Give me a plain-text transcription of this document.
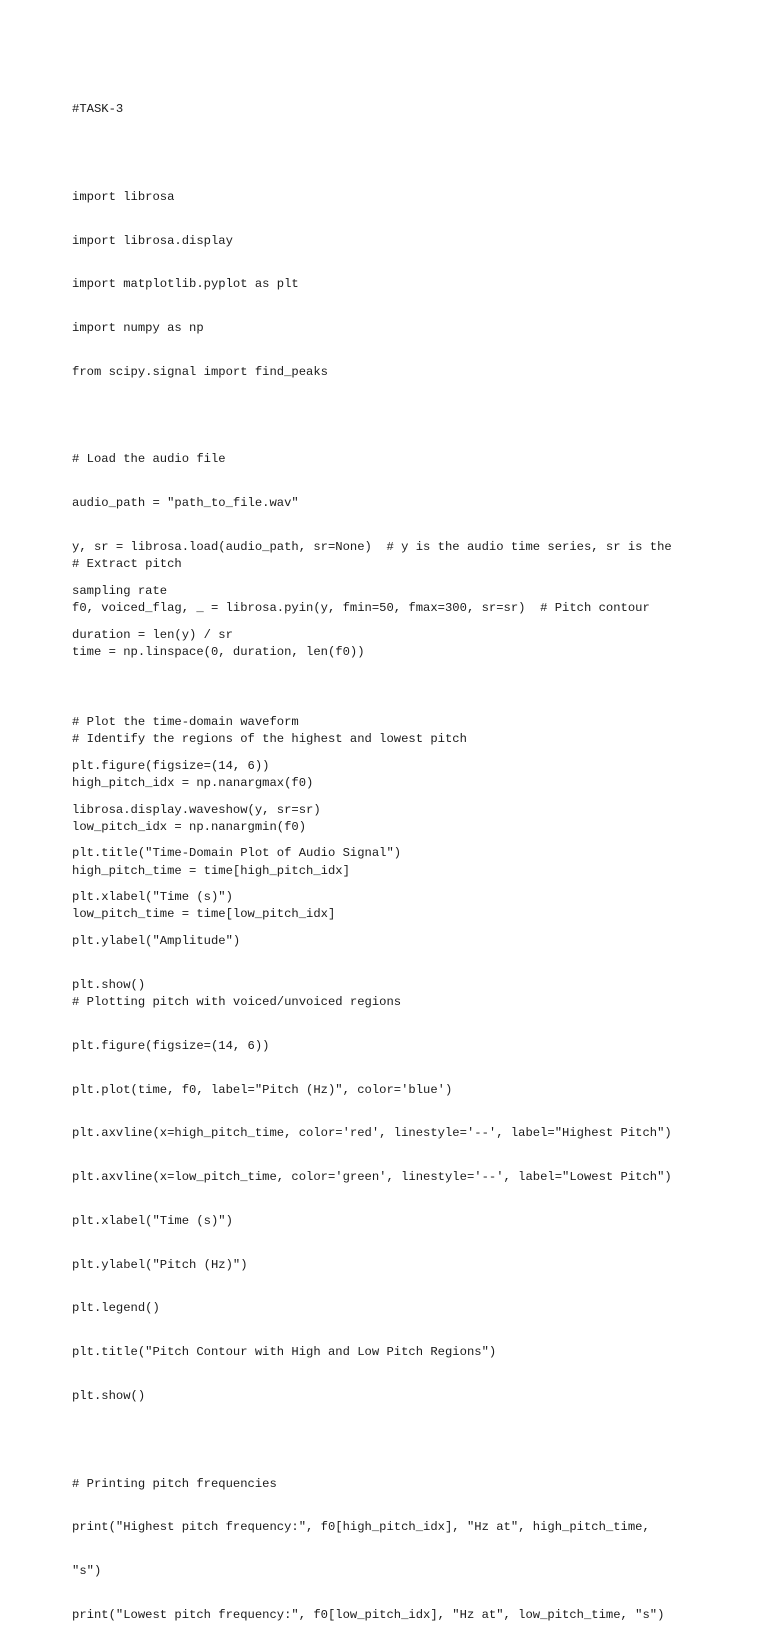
#TASK-3

import librosa

import librosa.display

import matplotlib.pyplot as plt

import numpy as np

from scipy.signal import find_peaks

# Load the audio file

audio_path = "path_to_file.wav"

y, sr = librosa.load(audio_path, sr=None)  # y is the audio time series, sr is the

sampling rate

duration = len(y) / sr

# Plot the time-domain waveform

plt.figure(figsize=(14, 6))

librosa.display.waveshow(y, sr=sr)

plt.title("Time-Domain Plot of Audio Signal")

plt.xlabel("Time (s)")

plt.ylabel("Amplitude")

plt.show()

# Extract pitch

f0, voiced_flag, _ = librosa.pyin(y, fmin=50, fmax=300, sr=sr)  # Pitch contour

time = np.linspace(0, duration, len(f0))

# Identify the regions of the highest and lowest pitch

high_pitch_idx = np.nanargmax(f0)

low_pitch_idx = np.nanargmin(f0)

high_pitch_time = time[high_pitch_idx]

low_pitch_time = time[low_pitch_idx]

# Plotting pitch with voiced/unvoiced regions

plt.figure(figsize=(14, 6))

plt.plot(time, f0, label="Pitch (Hz)", color='blue')

plt.axvline(x=high_pitch_time, color='red', linestyle='--', label="Highest Pitch")

plt.axvline(x=low_pitch_time, color='green', linestyle='--', label="Lowest Pitch")

plt.xlabel("Time (s)")

plt.ylabel("Pitch (Hz)")

plt.legend()

plt.title("Pitch Contour with High and Low Pitch Regions")

plt.show()

# Printing pitch frequencies

print("Highest pitch frequency:", f0[high_pitch_idx], "Hz at", high_pitch_time,

"s")

print("Lowest pitch frequency:", f0[low_pitch_idx], "Hz at", low_pitch_time, "s")
